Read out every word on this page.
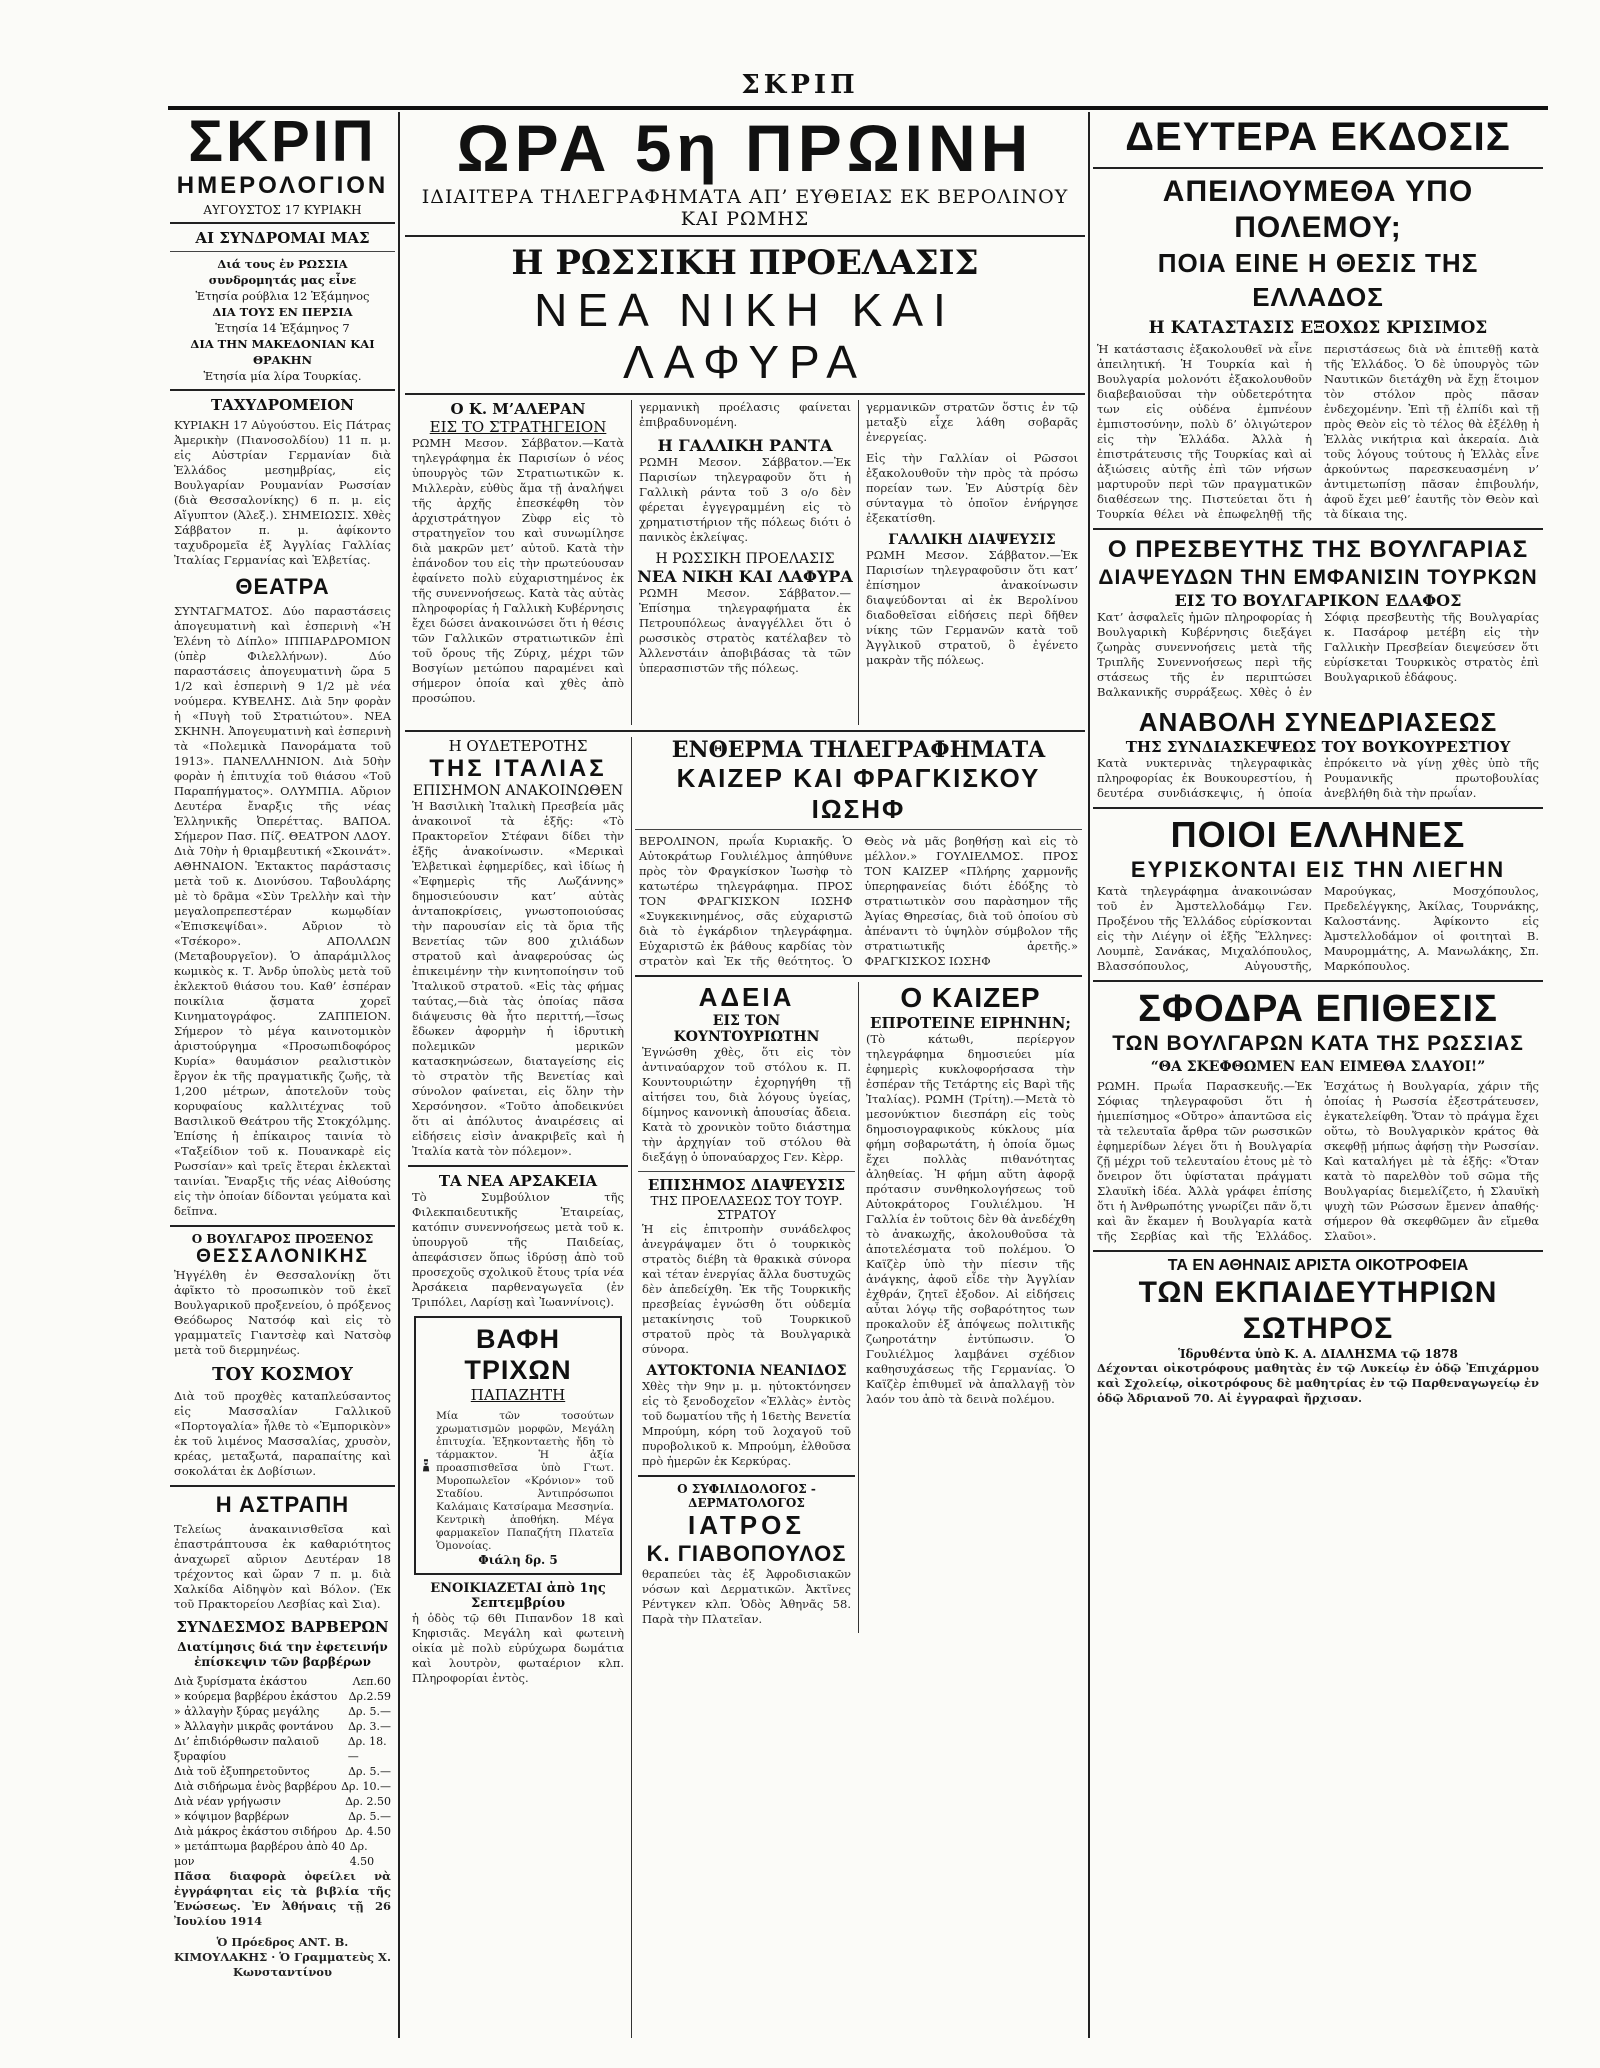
ΣΚΡΙΠ
ΣΚΡΙΠ
ΗΜΕΡΟΛΟΓΙΟΝ
ΑΥΓΟΥΣΤΟΣ 17 ΚΥΡΙΑΚΗ
ΑΙ ΣΥΝΔΡΟΜΑΙ ΜΑΣ
Διά τους ἐν ΡΩΣΣΙΑ συνδρομητάς μας εἶνε
Ἑτησία ρούβλια 12 Ἑξάμηνος
ΔΙΑ ΤΟΥΣ ΕΝ ΠΕΡΣΙΑ
Ἑτησία 14 Ἑξάμηνος 7
ΔΙΑ ΤΗΝ ΜΑΚΕΔΟΝΙΑΝ ΚΑΙ ΘΡΑΚΗΝ
Ἑτησία μία λίρα Τουρκίας.
ΤΑΧΥΔΡΟΜΕΙΟΝ

ΚΥΡΙΑΚΗ 17 Αὐγούστου. Εἰς Πάτρας Ἀμερικὴν (Πιανοσολδίου) 11 π. μ. εἰς Αὐστρίαν Γερμανίαν διὰ Ἑλλάδος μεσημβρίας, εἰς Βουλγαρίαν Ρουμανίαν Ρωσσίαν (διὰ Θεσσαλονίκης) 6 π. μ. εἰς Αἴγυπτον (Ἀλεξ.). ΣΗΜΕΙΩΣΙΣ. Χθὲς Σάββατον π. μ. ἀφίκοντο ταχυδρομεῖα ἐξ Ἀγγλίας Γαλλίας Ἰταλίας Γερμανίας καὶ Ἑλβετίας.

ΘΕΑΤΡΑ

ΣΥΝΤΑΓΜΑΤΟΣ. Δύο παραστάσεις ἀπογευματινὴ καὶ ἑσπερινὴ «Ἡ Ἑλένη τὸ Δίπλο» ΙΠΠΙΑΡΔΡΟΜΙΟΝ (ὑπὲρ Φιλελλήνων). Δύο παραστάσεις ἀπογευματινὴ ὥρα 5 1/2 καὶ ἑσπερινὴ 9 1/2 μὲ νέα νούμερα. ΚΥΒΕΛΗΣ. Διὰ 5ην φορὰν ἡ «Πυγὴ τοῦ Στρατιώτου». ΝΕΑ ΣΚΗΝΗ. Ἀπογευματινὴ καὶ ἑσπερινὴ τὰ «Πολεμικὰ Πανοράματα τοῦ 1913». ΠΑΝΕΛΛΗΝΙΟΝ. Διὰ 50ὴν φορὰν ἡ ἐπιτυχία τοῦ θιάσου «Τοῦ Παραπήγματος». ΟΛΥΜΠΙΑ. Αὔριον Δευτέρα ἔναρξις τῆς νέας Ἑλληνικῆς Ὀπερέττας. ΒΑΠΟΑ. Σήμερον Πασ. Πίζ. ΘΕΑΤΡΟΝ ΛΔΟΥ. Διὰ 70ὴν ἡ θριαμβευτική «Σκοινάτ». ΑΘΗΝΑΙΟΝ. Ἐκτακτος παράστασις μετὰ τοῦ κ. Διονύσου. Ταβουλάρης μὲ τὸ δρᾶμα «Σὺν Τρελλὴν καὶ τὴν μεγαλοπρεπεστέραν κωμῳδίαν «Ἐπισκεψίδαι». Αὔριον τὸ «Τσέκορο». ΑΠΟΛΛΩΝ (Μεταβουργεῖον). Ὁ ἀπαράμιλλος κωμικὸς κ. Τ. Ἀνδρ ὑπολὺς μετὰ τοῦ ἐκλεκτοῦ θιάσου του. Καθ’ ἑσπέραν ποικίλια ᾄσματα χορεῖ Κινηματογράφος. ΖΑΠΠΕΙΟΝ. Σήμερον τὸ μέγα καινοτομικὸν ἀριστούργημα «Προσωπιδοφόρος Κυρία» θαυμάσιον ρεαλιστικὸν ἔργον ἐκ τῆς πραγματικῆς ζωῆς, τὰ 1,200 μέτρων, ἀποτελοῦν τοὺς κορυφαίους καλλιτέχνας τοῦ Βασιλικοῦ Θεάτρου τῆς Στοκχόλμης. Ἐπίσης ἡ ἐπίκαιρος ταινία τὸ «Ταξείδιον τοῦ κ. Πουανκαρὲ εἰς Ρωσσίαν» καὶ τρεῖς ἔτεραι ἐκλεκταὶ ταινίαι. Ἔναρξις τῆς νέας Αἰθούσης εἰς τὴν ὁποίαν δίδονται γεύματα καὶ δεῖπνα.

Ο ΒΟΥΛΓΑΡΟΣ ΠΡΟΞΕΝΟΣ
ΘΕΣΣΑΛΟΝΙΚΗΣ

Ἠγγέλθη ἐν Θεσσαλονίκῃ ὅτι ἀφῖκτο τὸ προσωπικὸν τοῦ ἐκεῖ Βουλγαρικοῦ προξενείου, ὁ πρόξενος Θεόδωρος Νατσόφ καὶ εἰς τὸ γραμματεῖς Γιαντσὲφ καὶ Νατσὸφ μετὰ τοῦ διερμηνέως.

ΤΟΥ ΚΟΣΜΟΥ

Διὰ τοῦ προχθὲς καταπλεύσαντος εἰς Μασσαλίαν Γαλλικοῦ «Πορτογαλία» ἦλθε τὸ «Ἐμπορικὸν» ἐκ τοῦ λιμένος Μασσαλίας, χρυσὸν, κρέας, μεταξωτά, παραπαίτης καὶ σοκολάται ἐκ Δοβίσιων.

Η ΑΣΤΡΑΠΗ

Τελείως ἀνακαινισθεῖσα καὶ ἐπαστράπτουσα ἐκ καθαριότητος ἀναχωρεῖ αὔριον Δευτέραν 18 τρέχοντος καὶ ὥραν 7 π. μ. διὰ Χαλκίδα Αἰδηψὸν καὶ Βόλον. (Ἐκ τοῦ Πρακτορείου Λεσβίας καὶ Σια).

ΣΥΝΔΕΣΜΟΣ ΒΑΡΒΕΡΩΝ
Διατίμησις διά την ἐφετεινήν ἐπίσκεψιν τῶν βαρβέρων
Διὰ ξυρίσματα ἑκάστου	Λεπ.60
» κούρεμα βαρβέρου ἑκάστου Δρ.2.59
» ἀλλαγὴν ξύρας μεγάλης	Δρ. 5.—
» Ἀλλαγὴν μικρᾶς φοντάνου Δρ. 3.—
Δι’ ἐπιδιόρθωσιν παλαιοῦ ξυραφίου
Δρ. 18.—
Διὰ τοῦ ἐξυπηρετοῦντος	Δρ. 5.—
Διὰ σιδήρωμα ἑνὸς βαρβέρου Δρ. 10.—
Διὰ νέαν γρήγωσιν	Δρ. 2.50
» κόψιμον βαρβέρων	Δρ. 5.—
Διὰ μάκρος ἑκάστου σιδήρου Δρ. 4.50
» μετάπτωμα βαρβέρου ἀπὸ 40 μον
Δρ. 4.50

Πᾶσα διαφορὰ ὀφείλει νὰ ἐγγράφηται εἰς τὰ βιβλία τῆς Ἑνώσεως. Ἐν Ἀθήναις τῇ 26 Ἰουλίου 1914

Ὁ Πρόεδρος ΑΝΤ. Β. ΚΙΜΟΥΛΑΚΗΣ · Ὁ Γραμματεὺς Χ. Κωνσταντίνου

ΩΡΑ 5η ΠΡΩΙΝΗ
ΙΔΙΑΙΤΕΡΑ ΤΗΛΕΓΡΑΦΗΜΑΤΑ ΑΠ’ ΕΥΘΕΙΑΣ ΕΚ ΒΕΡΟΛΙΝΟΥ ΚΑΙ ΡΩΜΗΣ
Η ΡΩΣΣΙΚΗ ΠΡΟΕΛΑΣΙΣ
ΝΕΑ ΝΙΚΗ ΚΑΙ ΛΑΦΥΡΑ
Ο Κ. Μ’ΑΛΕΡΑΝ
ΕΙΣ ΤΟ ΣΤΡΑΤΗΓΕΙΟΝ

ΡΩΜΗ Μεσον. Σάββατον.—Κατὰ τηλεγράφημα ἐκ Παρισίων ὁ νέος ὑπουργὸς τῶν Στρατιωτικῶν κ. Μιλλερὰν, εὐθὺς ἅμα τῇ ἀναλήψει τῆς ἀρχῆς ἐπεσκέφθη τὸν ἀρχιστράτηγον Ζὺφρ εἰς τὸ στρατηγεῖον του καὶ συνωμίλησε διὰ μακρῶν μετ’ αὐτοῦ. Κατὰ τὴν ἐπάνοδον του εἰς τὴν πρωτεύουσαν ἐφαίνετο πολὺ εὐχαριστημένος ἐκ τῆς συνεννοήσεως. Κατὰ τὰς αὐτὰς πληροφορίας ἡ Γαλλικὴ Κυβέρνησις ἔχει δώσει ἀνακοινώσει ὅτι ἡ θέσις τῶν Γαλλικῶν στρατιωτικῶν ἐπὶ τοῦ ὄρους τῆς Ζύριχ, μέχρι τῶν Βοσγίων μετώπου παραμένει καὶ σήμερον ὁποία καὶ χθὲς ἀπὸ προσώπου.

γερμανικὴ προέλασις φαίνεται ἐπιβραδυνομένη.

Η ΓΑΛΛΙΚΗ ΡΑΝΤΑ

ΡΩΜΗ Μεσον. Σάββατον.—Ἐκ Παρισίων τηλεγραφοῦν ὅτι ἡ Γαλλικὴ ράντα τοῦ 3 ο/ο δὲν φέρεται ἐγγεγραμμένη εἰς τὸ χρηματιστήριον τῆς πόλεως διότι ὁ πανικὸς ἐκλείψας.

Η ΡΩΣΣΙΚΗ ΠΡΟΕΛΑΣΙΣ
ΝΕΑ ΝΙΚΗ ΚΑΙ ΛΑΦΥΡΑ

ΡΩΜΗ Μεσον. Σάββατον.—Ἐπίσημα τηλεγραφήματα ἐκ Πετρουπόλεως ἀναγγέλλει ὅτι ὁ ρωσσικὸς στρατὸς κατέλαβεν τὸ Ἀλλενστάιν ἀποβιβάσας τὰ τῶν ὑπερασπιστῶν τῆς πόλεως.

γερμανικῶν στρατῶν ὅστις ἐν τῷ μεταξὺ εἶχε λάθη σοβαρᾶς ἐνεργείας.

Εἰς τὴν Γαλλίαν οἱ Ρῶσσοι ἐξακολουθοῦν τὴν πρὸς τὰ πρόσω πορείαν των. Ἐν Αὐστρίᾳ δὲν σύνταγμα τὸ ὁποῖον ἐνήργησε ἐξεκατίσθη.

ΓΑΛΛΙΚΗ ΔΙΑΨΕΥΣΙΣ

ΡΩΜΗ Μεσον. Σάββατον.—Ἐκ Παρισίων τηλεγραφοῦσιν ὅτι κατ’ ἐπίσημον ἀνακοίνωσιν διαψεύδονται αἱ ἐκ Βερολίνου διαδοθεῖσαι εἰδήσεις περὶ δῆθεν νίκης τῶν Γερμανῶν κατὰ τοῦ Ἀγγλικοῦ στρατοῦ, ὃ ἐγένετο μακρὰν τῆς πόλεως.

Η ΟΥΔΕΤΕΡΟΤΗΣ
ΤΗΣ ΙΤΑΛΙΑΣ
ΕΠΙΣΗΜΟΝ ΑΝΑΚΟΙΝΩΘΕΝ

Ἡ Βασιλικὴ Ἰταλικὴ Πρεσβεία μᾶς ἀνακοινοῖ τὰ ἑξῆς: «Τὸ Πρακτορεῖον Στέφανι δίδει τὴν ἑξῆς ἀνακοίνωσιν. «Μερικαὶ Ἑλβετικαὶ ἐφημερίδες, καὶ ἰδίως ἡ «Ἐφημερὶς τῆς Λωζάννης» δημοσιεύουσιν κατ’ αὐτὰς ἀνταποκρίσεις, γνωστοποιούσας τὴν παρουσίαν εἰς τὰ ὅρια τῆς Βενετίας τῶν 800 χιλιάδων στρατοῦ καὶ ἀναφερούσας ὡς ἐπικειμένην τὴν κινητοποίησιν τοῦ Ἰταλικοῦ στρατοῦ. «Εἰς τὰς φήμας ταύτας,—διὰ τὰς ὁποίας πᾶσα διάψευσις θὰ ἦτο περιττή,—ἴσως ἔδωκεν ἀφορμὴν ἡ ἰδρυτικὴ πολεμικῶν μερικῶν κατασκηνώσεων, διαταγείσης εἰς τὸ στρατὸν τῆς Βενετίας καὶ σύνολον φαίνεται, εἰς ὅλην τὴν Χερσόνησον. «Τοῦτο ἀποδεικνύει ὅτι αἱ ἀπόλυτος ἀναιρέσεις αἱ εἰδήσεις εἰσὶν ἀνακριβεῖς καὶ ἡ Ἰταλία κατὰ τὸν πόλεμον».

ΤΑ ΝΕΑ ΑΡΣΑΚΕΙΑ

Τὸ Συμβούλιον τῆς Φιλεκπαιδευτικῆς Ἑταιρείας, κατόπιν συνεννοήσεως μετὰ τοῦ κ. ὑπουργοῦ τῆς Παιδείας, ἀπεφάσισεν ὅπως ἱδρύσῃ ἀπὸ τοῦ προσεχοῦς σχολικοῦ ἔτους τρία νέα Ἀρσάκεια παρθεναγωγεῖα (ἐν Τριπόλει, Λαρίσῃ καὶ Ἰωαννίνοις).

ΒΑΦΗ ΤΡΙΧΩΝ
ΠΑΠΑΖΗΤΗ

Μία τῶν τοσούτων χρωματισμῶν μορφῶν, Μεγάλη ἐπιτυχία. Ἑξηκονταετὴς ἤδη τὸ τάρμακτον. Ἡ ἀξία προασπισθεῖσα ὑπὸ Γτωτ. Μυροπωλεῖον «Κρόνιον» τοῦ Σταδίου. Ἀντιπρόσωποι Καλάμαις Κατσίραμα Μεσσηνία. Κεντρικὴ ἀποθήκη. Μέγα φαρμακεῖον Παπαζήτη Πλατεῖα Ὁμονοίας.

Φιάλη δρ. 5
ΕΝΟΙΚΙΑΖΕΤΑΙ ἀπὸ 1ης Σεπτεμβρίου

ἡ ὁδὸς τῷ 6θι Πιπανδον 18 καὶ Κηφισιᾶς. Μεγάλη καὶ φωτεινὴ οἰκία μὲ πολὺ εὐρύχωρα δωμάτια καὶ λουτρὸν, φωταέριον κλπ. Πληροφορίαι ἐντὸς.

ΕΝΘΕΡΜΑ ΤΗΛΕΓΡΑΦΗΜΑΤΑ
ΚΑΙΖΕΡ ΚΑΙ ΦΡΑΓΚΙΣΚΟΥ ΙΩΣΗΦ

ΒΕΡΟΛΙΝΟΝ, πρωΐα Κυριακῆς. Ὁ Αὐτοκράτωρ Γουλιέλμος ἀπηύθυνε πρὸς τὸν Φραγκίσκον Ἰωσὴφ τὸ κατωτέρω τηλεγράφημα. ΠΡΟΣ ΤΟΝ ΦΡΑΓΚΙΣΚΟΝ ΙΩΣΗΦ «Συγκεκινημένος, σᾶς εὐχαριστῶ διὰ τὸ ἐγκάρδιον τηλεγράφημα. Εὐχαριστῶ ἐκ βάθους καρδίας τὸν στρατὸν καὶ Ἐκ τῆς θεότητος. Ὁ Θεὸς νὰ μᾶς βοηθήσῃ καὶ εἰς τὸ μέλλον.» ΓΟΥΛΙΕΛΜΟΣ. ΠΡΟΣ ΤΟΝ ΚΑΙΖΕΡ «Πλήρης χαρμονῆς ὑπερηφανείας διότι ἐδόξης τὸ στρατιωτικὸν σου παρὰσημον τῆς Ἀγίας Θηρεσίας, διὰ τοῦ ὁποίου σὺ ἀπέναντι τὸ ὑψηλὸν σύμβολον τῆς στρατιωτικῆς ἀρετῆς.» ΦΡΑΓΚΙΣΚΟΣ ΙΩΣΗΦ

ΑΔΕΙΑ
ΕΙΣ ΤΟΝ ΚΟΥΝΤΟΥΡΙΩΤΗΝ

Ἐγνώσθη χθὲς, ὅτι εἰς τὸν ἀντιναύαρχον τοῦ στόλου κ. Π. Κουντουριώτην ἐχορηγήθη τῇ αἰτήσει του, διὰ λόγους ὑγείας, δίμηνος κανονικὴ ἀπουσίας ἄδεια. Κατὰ τὸ χρονικὸν τοῦτο διάστημα τὴν ἀρχηγίαν τοῦ στόλου θὰ διεξάγῃ ὁ ὑποναύαρχος Γεν. Κὲρρ.

ΕΠΙΣΗΜΟΣ ΔΙΑΨΕΥΣΙΣ
ΤΗΣ ΠΡΟΕΛΑΣΕΩΣ ΤΟΥ ΤΟΥΡ. ΣΤΡΑΤΟΥ

Ἡ εἰς ἐπιτροπὴν συνάδελφος ἀνεγράψαμεν ὅτι ὁ τουρκικὸς στρατὸς διέβη τὰ θρακικὰ σύνορα καὶ τέταν ἐνεργίας ἄλλα δυστυχῶς δὲν ἀπεδείχθη. Ἐκ τῆς Τουρκικῆς πρεσβείας ἐγνώσθη ὅτι οὐδεμία μετακίνησις τοῦ Τουρκικοῦ στρατοῦ πρὸς τὰ Βουλγαρικὰ σύνορα.

ΑΥΤΟΚΤΟΝΙΑ ΝΕΑΝΙΔΟΣ

Χθὲς τὴν 9ην μ. μ. ηὐτοκτόνησεν εἰς τὸ ξενοδοχεῖον «Ἑλλὰς» ἐντὸς τοῦ δωματίου τῆς ἡ 16ετὴς Βενετία Μπρούμη, κόρη τοῦ λοχαγοῦ τοῦ πυροβολικοῦ κ. Μπρούμη, ἐλθοῦσα πρὸ ἡμερῶν ἐκ Κερκύρας.

Ο ΣΥΦΙΛΙΔΟΛΟΓΟΣ - ΔΕΡΜΑΤΟΛΟΓΟΣ
ΙΑΤΡΟΣ
Κ. ΓΙΑΒΟΠΟΥΛΟΣ

θεραπεύει τὰς ἐξ Ἀφροδισιακῶν νόσων καὶ Δερματικῶν. Ἀκτῖνες Ρέντγκεν κλπ. Ὁδὸς Ἀθηνᾶς 58. Παρὰ τὴν Πλατεῖαν.

Ο ΚΑΙΖΕΡ
ΕΠΡΟΤΕΙΝΕ ΕΙΡΗΝΗΝ;

(Τὸ κάτωθι, περίεργον τηλεγράφημα δημοσιεύει μία ἐφημερὶς κυκλοφορήσασα τὴν ἑσπέραν τῆς Τετάρτης εἰς Βαρὶ τῆς Ἰταλίας). ΡΩΜΗ (Τρίτη).—Μετὰ τὸ μεσονύκτιον διεσπάρη εἰς τοὺς δημοσιογραφικοὺς κύκλους μία φήμη σοβαρωτάτη, ἡ ὁποία ὅμως ἔχει πολλὰς πιθανότητας ἀληθείας. Ἡ φήμη αὕτη ἀφορᾷ πρότασιν συνθηκολογήσεως τοῦ Αὐτοκράτορος Γουλιέλμου. Ἡ Γαλλία ἐν τοῦτοις δὲν θὰ ἀνεδέχθη τὸ ἀνακωχῆς, ἀκολουθοῦσα τὰ ἀποτελέσματα τοῦ πολέμου. Ὁ Καϊζὲρ ὑπὸ τὴν πίεσιν τῆς ἀνάγκης, ἀφοῦ εἶδε τὴν Ἀγγλίαν ἐχθράν, ζητεῖ ἐξοδον. Αἱ εἰδήσεις αὗται λόγῳ τῆς σοβαρότητος των προκαλοῦν ἐξ ἀπόψεως πολιτικῆς ζωηροτάτην ἐντύπωσιν. Ὁ Γουλιέλμος λαμβάνει σχέδιον καθησυχάσεως τῆς Γερμανίας. Ὁ Καϊζὲρ ἐπιθυμεῖ νὰ ἀπαλλαγῇ τὸν λαόν του ἀπὸ τὰ δεινὰ πολέμου.

ΔΕΥΤΕΡΑ ΕΚΔΟΣΙΣ
ΑΠΕΙΛΟΥΜΕΘΑ ΥΠΟ ΠΟΛΕΜΟΥ;
ΠΟΙΑ ΕΙΝΕ Η ΘΕΣΙΣ ΤΗΣ ΕΛΛΑΔΟΣ
Η ΚΑΤΑΣΤΑΣΙΣ ΕΞΟΧΩΣ ΚΡΙΣΙΜΟΣ

Ἡ κατάστασις ἐξακολουθεῖ νὰ εἶνε ἀπειλητική. Ἡ Τουρκία καὶ ἡ Βουλγαρία μολονότι ἐξακολουθοῦν διαβεβαιοῦσαι τὴν οὐδετερότητα των εἰς οὐδένα ἐμπνέουν ἐμπιστοσύνην, πολὺ δ’ ὀλιγώτερον εἰς τὴν Ἑλλάδα. Ἀλλὰ ἡ ἐπιστράτευσις τῆς Τουρκίας καὶ αἱ ἀξιώσεις αὐτῆς ἐπὶ τῶν νήσων μαρτυροῦν περὶ τῶν πραγματικῶν διαθέσεων της. Πιστεύεται ὅτι ἡ Τουρκία θέλει νὰ ἐπωφεληθῇ τῆς περιστάσεως διὰ νὰ ἐπιτεθῇ κατὰ τῆς Ἑλλάδος. Ὁ δὲ ὑπουργὸς τῶν Ναυτικῶν διετάχθη νὰ ἔχῃ ἕτοιμον τὸν στόλον πρὸς πᾶσαν ἐνδεχομένην. Ἐπὶ τῇ ἐλπίδι καὶ τῇ πρὸς Θεὸν εἰς τὸ τέλος θὰ ἐξέλθῃ ἡ Ἑλλὰς νικήτρια καὶ ἀκεραία. Διὰ τοῦς λόγους τούτους ἡ Ἑλλὰς εἶνε ἀρκούντως παρεσκευασμένη ν’ ἀντιμετωπίσῃ πᾶσαν ἐπιβουλήν, ἀφοῦ ἔχει μεθ’ ἑαυτῆς τὸν Θεὸν καὶ τὰ δίκαια της.

Ο ΠΡΕΣΒΕΥΤΗΣ ΤΗΣ ΒΟΥΛΓΑΡΙΑΣ
ΔΙΑΨΕΥΔΩΝ ΤΗΝ ΕΜΦΑΝΙΣΙΝ ΤΟΥΡΚΩΝ
ΕΙΣ ΤΟ ΒΟΥΛΓΑΡΙΚΟΝ ΕΔΑΦΟΣ

Κατ’ ἀσφαλεῖς ἡμῶν πληροφορίας ἡ Βουλγαρικὴ Κυβέρνησις διεξάγει ζωηρὰς συνεννοήσεις μετὰ τῆς Τριπλῆς Συνεννοήσεως περὶ τῆς στάσεως τῆς ἐν περιπτώσει Βαλκανικῆς συρράξεως. Χθὲς ὁ ἐν Σόφιᾳ πρεσβευτὴς τῆς Βουλγαρίας κ. Πασάροφ μετέβη εἰς τὴν Γαλλικὴν Πρεσβείαν διεψεύσεν ὅτι εὑρίσκεται Τουρκικὸς στρατὸς ἐπὶ Βουλγαρικοῦ ἐδάφους.

ΑΝΑΒΟΛΗ ΣΥΝΕΔΡΙΑΣΕΩΣ
ΤΗΣ ΣΥΝΔΙΑΣΚΕΨΕΩΣ ΤΟΥ ΒΟΥΚΟΥΡΕΣΤΙΟΥ

Κατὰ νυκτερινὰς τηλεγραφικὰς πληροφορίας ἐκ Βουκουρεστίου, ἡ δευτέρα συνδιάσκεψις, ἡ ὁποία ἐπρόκειτο νὰ γίνῃ χθὲς ὑπὸ τῆς Ρουμανικῆς πρωτοβουλίας ἀνεβλήθη διὰ τὴν πρωΐαν.

ΠΟΙΟΙ ΕΛΛΗΝΕΣ
ΕΥΡΙΣΚΟΝΤΑΙ ΕΙΣ ΤΗΝ ΛΙΕΓΗΝ

Κατὰ τηλεγράφημα ἀνακοινώσαν τοῦ ἐν Ἀμστελλοδάμῳ Γεν. Προξένου τῆς Ἑλλάδος εὑρίσκονται εἰς τὴν Λιέγην οἱ ἑξῆς Ἕλληνες: Λουμπὲ, Σανάκας, Μιχαλόπουλος, Βλασσόπουλος, Αὐγουστῆς, Μαρούγκας, Μοσχόπουλος, Πρεδελέγγκης, Ἀκίλας, Τουρνάκης, Καλοστάνης. Ἀφίκοντο εἰς Ἀμστελλοδάμον οἱ φοιτηταὶ Β. Μαυρομμάτης, Α. Μανωλάκης, Σπ. Μαρκόπουλος.

ΣΦΟΔΡΑ ΕΠΙΘΕΣΙΣ
ΤΩΝ ΒΟΥΛΓΑΡΩΝ ΚΑΤΑ ΤΗΣ ΡΩΣΣΙΑΣ
“ΘΑ ΣΚΕΦΘΩΜΕΝ ΕΑΝ ΕΙΜΕΘΑ ΣΛΑΥΟΙ!”

ΡΩΜΗ. Πρωΐα Παρασκευῆς.—Ἐκ Σόφιας τηλεγραφοῦσι ὅτι ἡ ἡμιεπίσημος «Οὔτρο» ἀπαντῶσα εἰς τὰ τελευταῖα ἄρθρα τῶν ρωσσικῶν ἐφημερίδων λέγει ὅτι ἡ Βουλγαρία ζῇ μέχρι τοῦ τελευταίου ἐτους μὲ τὸ ὄνειρον ὅτι ὑφίσταται πράγματι Σλαυϊκὴ ἰδέα. Ἀλλὰ γράφει ἐπίσης ὅτι ἡ Ἀνθρωπότης γνωρίζει πᾶν ὅ,τι καὶ ἂν ἔκαμεν ἡ Βουλγαρία κατὰ τῆς Σερβίας καὶ τῆς Ἑλλάδος. Ἐσχάτως ἡ Βουλγαρία, χάριν τῆς ὁποίας ἡ Ρωσσία ἐξεστράτευσεν, ἐγκατελείφθη. Ὅταν τὸ πράγμα ἔχει οὕτω, τὸ Βουλγαρικὸν κράτος θὰ σκεφθῇ μήπως ἀφήσῃ τὴν Ρωσσίαν. Καὶ καταλήγει μὲ τὰ ἑξῆς: «Ὅταν κατὰ τὸ παρελθὸν τοῦ σῶμα τῆς Βουλγαρίας διεμελίζετο, ἡ Σλαυϊκὴ ψυχὴ τῶν Ρώσσων ἔμενεν ἀπαθής· σήμερον θὰ σκεφθῶμεν ἂν εἴμεθα Σλαῦοι».

ΤΑ ΕΝ ΑΘΗΝΑΙΣ ΑΡΙΣΤΑ ΟΙΚΟΤΡΟΦΕΙΑ
ΤΩΝ ΕΚΠΑΙΔΕΥΤΗΡΙΩΝ ΣΩΤΗΡΟΣ
Ἱδρυθέντα ὑπὸ Κ. Α. ΔΙΑΛΗΣΜΑ τῷ 1878

Δέχονται οἰκοτρόφους μαθητὰς ἐν τῷ Λυκείῳ ἐν ὁδῷ Ἐπιχάρμου καὶ Σχολείῳ, οἰκοτρόφους δὲ μαθητρίας ἐν τῷ Παρθεναγωγείῳ ἐν ὁδῷ Ἀδριανοῦ 70. Αἱ ἐγγραφαὶ ἤρχισαν.
